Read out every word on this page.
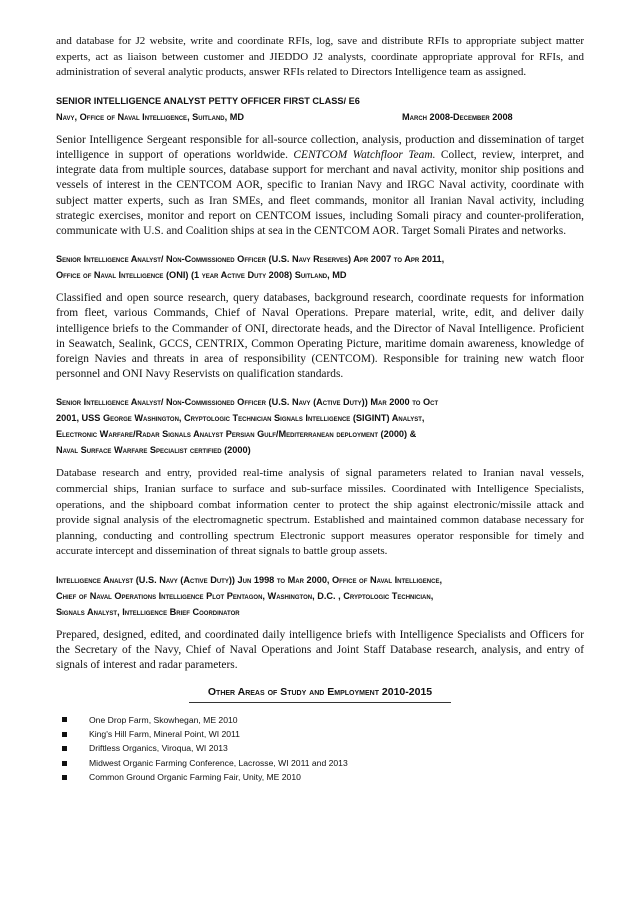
and database for J2 website, write and coordinate RFIs, log, save and distribute RFIs to appropriate subject matter experts, act as liaison between customer and JIEDDO J2 analysts, coordinate appropriate approval for RFIs, and administration of several analytic products, answer RFIs related to Directors Intelligence team as assigned.

SENIOR INTELLIGENCE ANALYST PETTY OFFICER FIRST CLASS/ E6

Navy, Office of Naval Intelligence, Suitland, MD	March 2008-December 2008

Senior Intelligence Sergeant responsible for all-source collection, analysis, production and dissemination of target intelligence in support of operations worldwide. CENTCOM Watchfloor Team. Collect, review, interpret, and integrate data from multiple sources, database support for merchant and naval activity, monitor ship positions and vessels of interest in the CENTCOM AOR, specific to Iranian Navy and IRGC Naval activity, coordinate with subject matter experts, such as Iran SMEs, and fleet commands, monitor all Iranian Naval activity, including strategic exercises, monitor and report on CENTCOM issues, including Somali piracy and counter-proliferation, communicate with U.S. and Coalition ships at sea in the CENTCOM AOR. Target Somali Pirates and networks.

Senior Intelligence Analyst/ Non-Commissioned Officer (U.S. Navy Reserves) Apr 2007 to Apr 2011,
Office of Naval Intelligence (ONI) (1 year Active Duty 2008) Suitland, MD

Classified and open source research, query databases, background research, coordinate requests for information from fleet, various Commands, Chief of Naval Operations. Prepare material, write, edit, and deliver daily intelligence briefs to the Commander of ONI, directorate heads, and the Director of Naval Intelligence. Proficient in Seawatch, Sealink, GCCS, CENTRIX, Common Operating Picture, maritime domain awareness, knowledge of foreign Navies and threats in area of responsibility (CENTCOM). Responsible for training new watch floor personnel and ONI Navy Reservists on qualification standards.

Senior Intelligence Analyst/ Non-Commissioned Officer (U.S. Navy (Active Duty)) Mar 2000 to Oct
2001, USS George Washington, Cryptologic Technician Signals Intelligence (SIGINT) Analyst,
Electronic Warfare/Radar Signals Analyst Persian Gulf/Mediterranean deployment (2000) &
Naval Surface Warfare Specialist certified (2000)

Database research and entry, provided real-time analysis of signal parameters related to Iranian naval vessels, commercial ships, Iranian surface to surface and sub-surface missiles. Coordinated with Intelligence Specialists, operations, and the shipboard combat information center to protect the ship against electronic/missile attack and provide signal analysis of the electromagnetic spectrum. Established and maintained common database necessary for planning, conducting and controlling spectrum Electronic support measures operator responsible for timely and accurate intercept and dissemination of threat signals to battle group assets.

Intelligence Analyst (U.S. Navy (Active Duty)) Jun 1998 to Mar 2000, Office of Naval Intelligence,
Chief of Naval Operations Intelligence Plot Pentagon, Washington, D.C. , Cryptologic Technician,
Signals Analyst, Intelligence Brief Coordinator

Prepared, designed, edited, and coordinated daily intelligence briefs with Intelligence Specialists and Officers for the Secretary of the Navy, Chief of Naval Operations and Joint Staff Database research, analysis, and entry of signals of interest and radar parameters.

Other Areas of Study and Employment 2010-2015

One Drop Farm, Skowhegan, ME 2010
King's Hill Farm, Mineral Point, WI 2011
Driftless Organics, Viroqua, WI 2013
Midwest Organic Farming Conference, Lacrosse, WI 2011 and 2013
Common Ground Organic Farming Fair, Unity, ME 2010
